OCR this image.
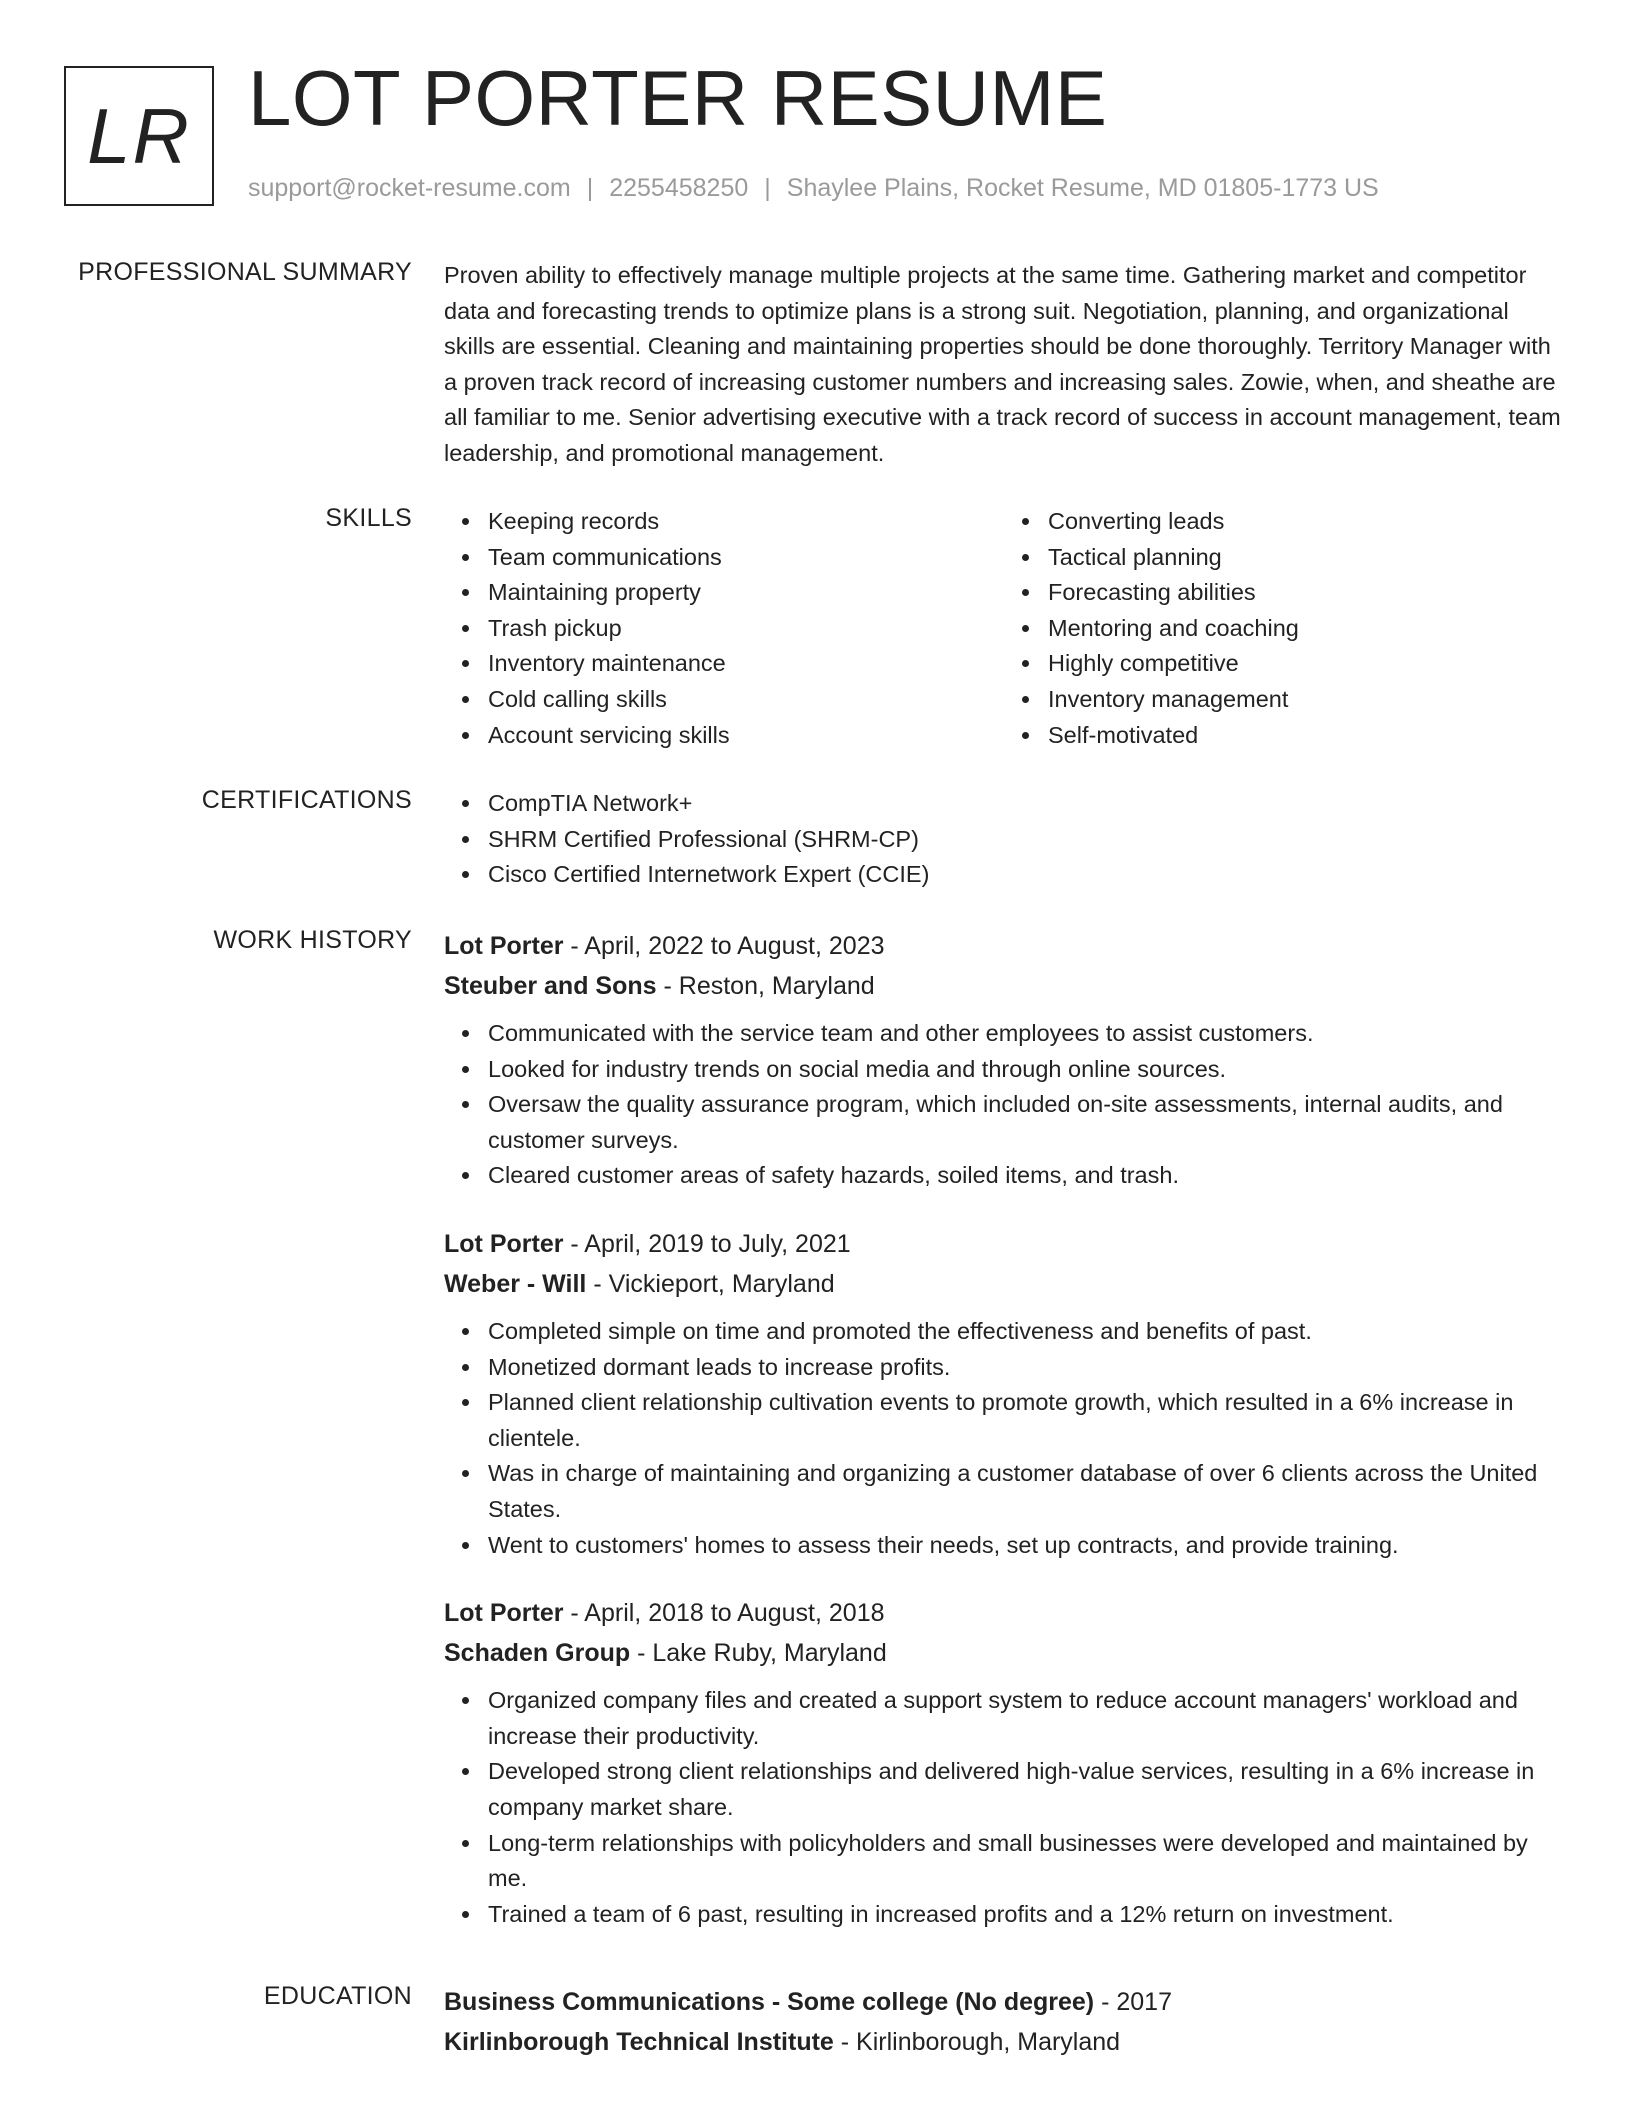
LR LOT PORTER RESUME
support@rocket-resume.com | 2255458250 | Shaylee Plains, Rocket Resume, MD 01805-1773 US
PROFESSIONAL SUMMARY Proven ability to effectively manage multiple projects at the same time. Gathering market and competitor data and forecasting trends to optimize plans is a strong suit. Negotiation, planning, and organizational skills are essential. Cleaning and maintaining properties should be done thoroughly. Territory Manager with a proven track record of increasing customer numbers and increasing sales. Zowie, when, and sheathe are all familiar to me. Senior advertising executive with a track record of success in account management, team leadership, and promotional management.

SKILLS	Keeping records
Team communications
Maintaining property
Trash pickup
Inventory maintenance
Cold calling skills
Account servicing skills
Converting leads
Tactical planning
Forecasting abilities
Mentoring and coaching
Highly competitive
Inventory management
Self-motivated
CERTIFICATIONS	CompTIA Network+
SHRM Certified Professional (SHRM-CP)
Cisco Certified Internetwork Expert (CCIE)
WORK HISTORY Lot Porter - April, 2022 to August, 2023
Steuber and Sons - Reston, Maryland
Communicated with the service team and other employees to assist customers.
Looked for industry trends on social media and through online sources.
Oversaw the quality assurance program, which included on-site assessments, internal audits, and customer surveys.
Cleared customer areas of safety hazards, soiled items, and trash.
Lot Porter - April, 2019 to July, 2021
Weber - Will - Vickieport, Maryland
Completed simple on time and promoted the effectiveness and benefits of past.
Monetized dormant leads to increase profits.
Planned client relationship cultivation events to promote growth, which resulted in a 6% increase in clientele.
Was in charge of maintaining and organizing a customer database of over 6 clients across the United States.
Went to customers' homes to assess their needs, set up contracts, and provide training.
Lot Porter - April, 2018 to August, 2018
Schaden Group - Lake Ruby, Maryland
Organized company files and created a support system to reduce account managers' workload and increase their productivity.
Developed strong client relationships and delivered high-value services, resulting in a 6% increase in company market share.
Long-term relationships with policyholders and small businesses were developed and maintained by me.
Trained a team of 6 past, resulting in increased profits and a 12% return on investment.
EDUCATION Business Communications - Some college (No degree) - 2017
Kirlinborough Technical Institute - Kirlinborough, Maryland
